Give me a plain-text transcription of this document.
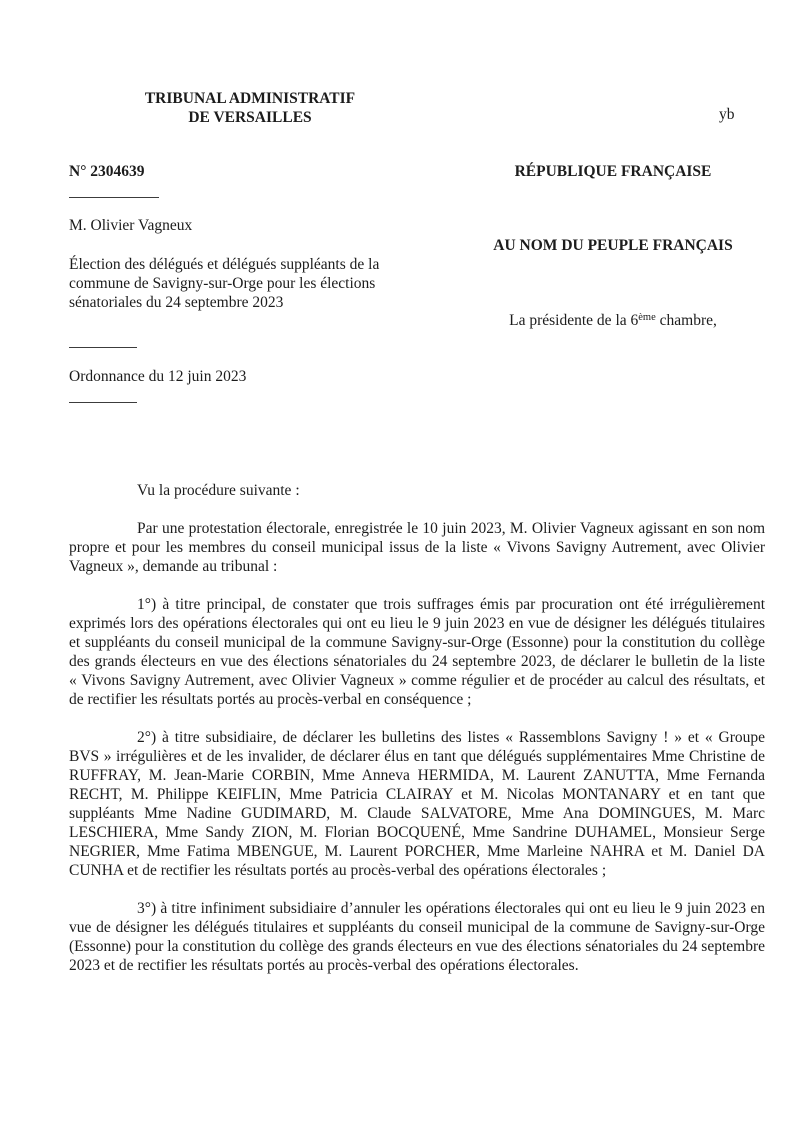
TRIBUNAL ADMINISTRATIF
DE VERSAILLES	yb
N° 2304639	RÉPUBLIQUE FRANÇAISE
M. Olivier Vagneux
AU NOM DU PEUPLE FRANÇAIS
Élection des délégués et délégués suppléants de la
commune de Savigny-sur-Orge pour les élections
sénatoriales du 24 septembre 2023
La présidente de la 6ème chambre,
Ordonnance du 12 juin 2023

Vu la procédure suivante :

Par une protestation électorale, enregistrée le 10 juin 2023, M. Olivier Vagneux agissant en son nom propre et pour les membres du conseil municipal issus de la liste « Vivons Savigny Autrement, avec Olivier Vagneux », demande au tribunal :

1°) à titre principal, de constater que trois suffrages émis par procuration ont été irrégulièrement exprimés lors des opérations électorales qui ont eu lieu le 9 juin 2023 en vue de désigner les délégués titulaires et suppléants du conseil municipal de la commune Savigny-sur-Orge (Essonne) pour la constitution du collège des grands électeurs en vue des élections sénatoriales du 24 septembre 2023, de déclarer le bulletin de la liste « Vivons Savigny Autrement, avec Olivier Vagneux » comme régulier et de procéder au calcul des résultats, et de rectifier les résultats portés au procès-verbal en conséquence ;

2°) à titre subsidiaire, de déclarer les bulletins des listes « Rassemblons Savigny ! » et « Groupe BVS » irrégulières et de les invalider, de déclarer élus en tant que délégués supplémentaires Mme Christine de RUFFRAY, M. Jean-Marie CORBIN, Mme Anneva HERMIDA, M. Laurent ZANUTTA, Mme Fernanda RECHT, M. Philippe KEIFLIN, Mme Patricia CLAIRAY et M. Nicolas MONTANARY et en tant que suppléants Mme Nadine GUDIMARD, M. Claude SALVATORE, Mme Ana DOMINGUES, M. Marc LESCHIERA, Mme Sandy ZION, M. Florian BOCQUENÉ, Mme Sandrine DUHAMEL, Monsieur Serge NEGRIER, Mme Fatima MBENGUE, M. Laurent PORCHER, Mme Marleine NAHRA et M. Daniel DA CUNHA et de rectifier les résultats portés au procès-verbal des opérations électorales ;

3°) à titre infiniment subsidiaire d’annuler les opérations électorales qui ont eu lieu le 9 juin 2023 en vue de désigner les délégués titulaires et suppléants du conseil municipal de la commune de Savigny-sur-Orge (Essonne) pour la constitution du collège des grands électeurs en vue des élections sénatoriales du 24 septembre 2023 et de rectifier les résultats portés au procès-verbal des opérations électorales.
